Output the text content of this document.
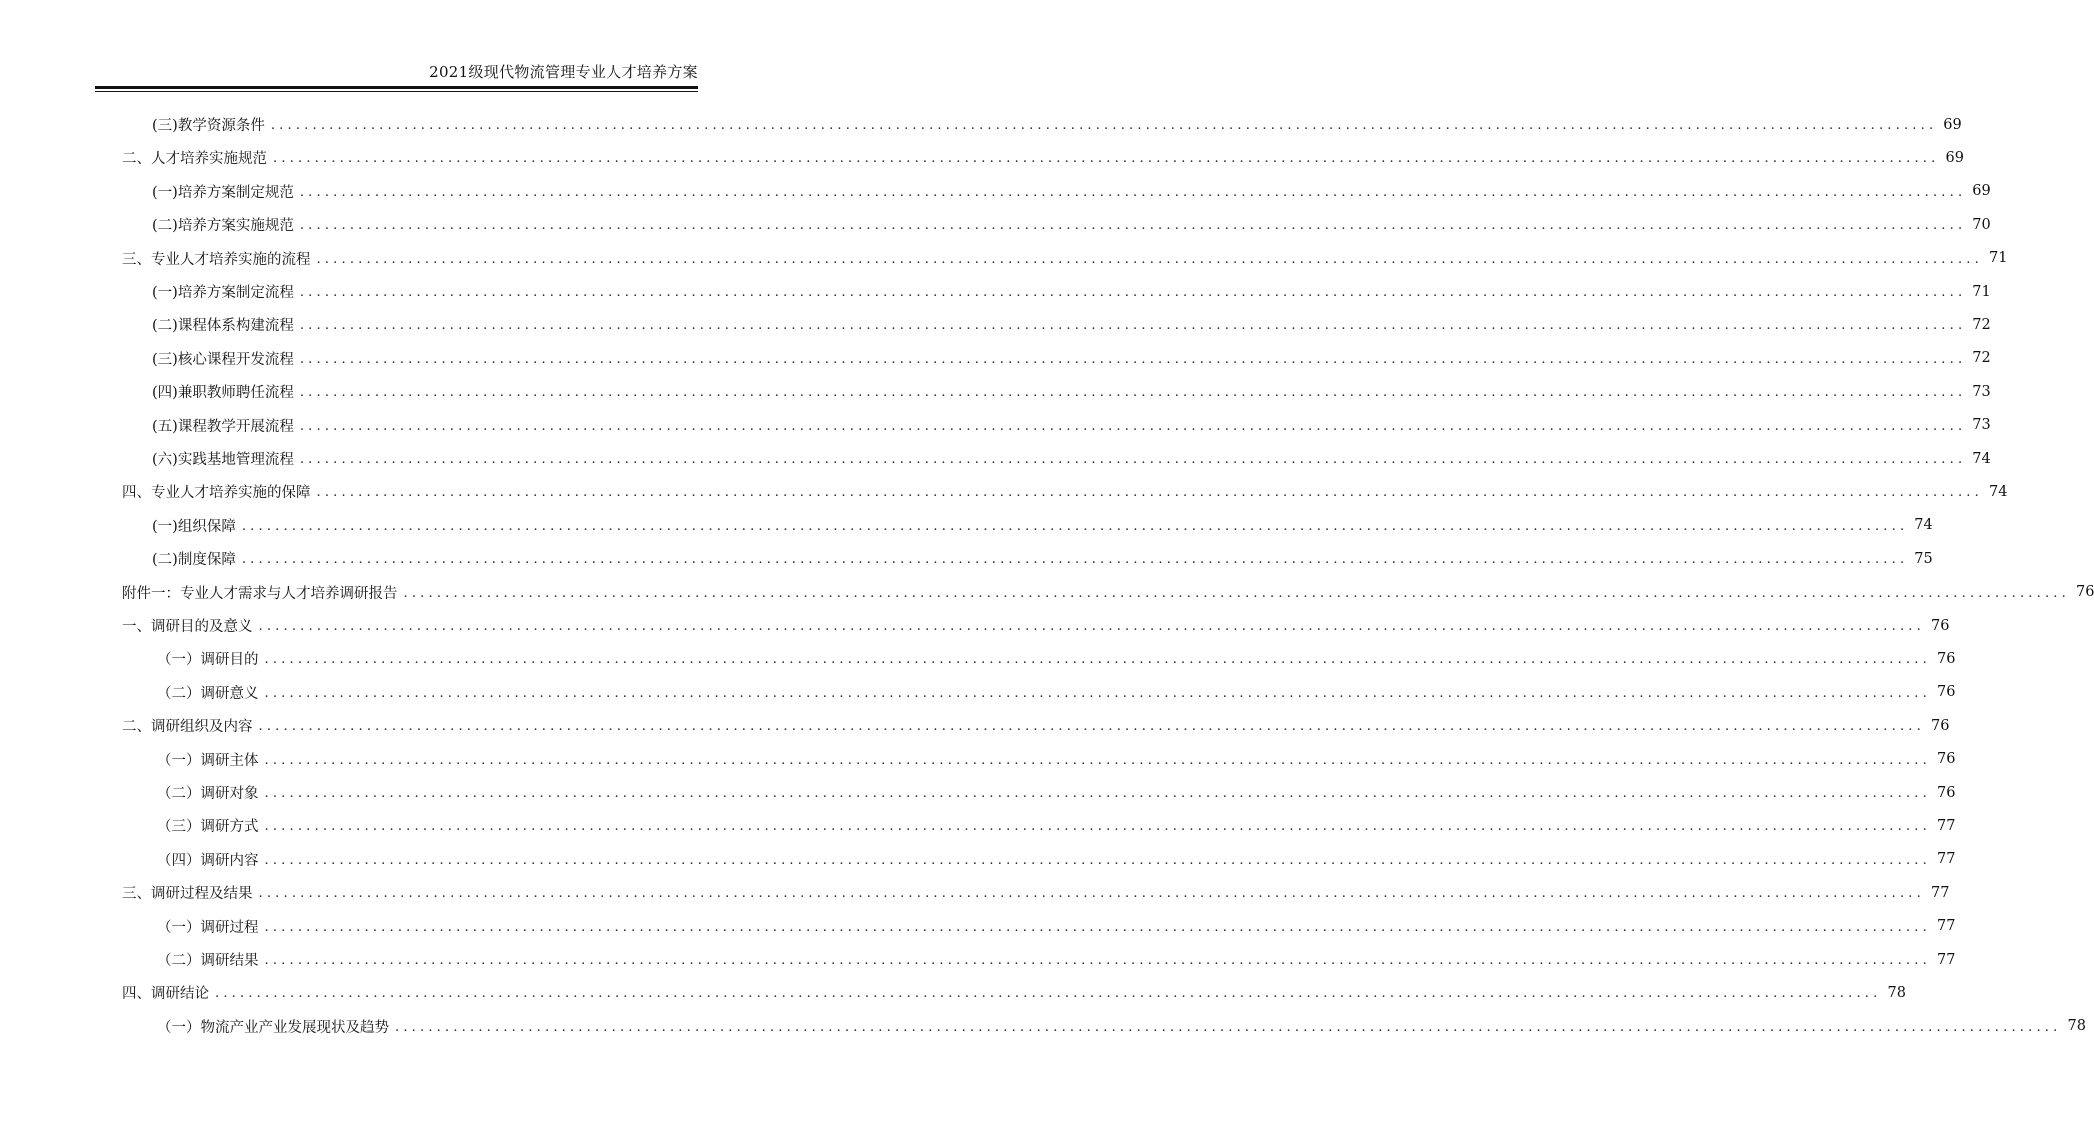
2021级现代物流管理专业人才培养方案
(三)教学资源条件 ........................................................................................................................................................................................................ 69
二、人才培养实施规范 ........................................................................................................................................................................................................ 69
(一)培养方案制定规范 ........................................................................................................................................................................................................ 69
(二)培养方案实施规范 ........................................................................................................................................................................................................ 70
三、专业人才培养实施的流程 ........................................................................................................................................................................................................ 71
(一)培养方案制定流程 ........................................................................................................................................................................................................ 71
(二)课程体系构建流程 ........................................................................................................................................................................................................ 72
(三)核心课程开发流程 ........................................................................................................................................................................................................ 72
(四)兼职教师聘任流程 ........................................................................................................................................................................................................ 73
(五)课程教学开展流程 ........................................................................................................................................................................................................ 73
(六)实践基地管理流程 ........................................................................................................................................................................................................ 74
四、专业人才培养实施的保障 ........................................................................................................................................................................................................ 74
(一)组织保障 ........................................................................................................................................................................................................ 74
(二)制度保障 ........................................................................................................................................................................................................ 75
附件一：专业人才需求与人才培养调研报告 ........................................................................................................................................................................................................ 76
一、调研目的及意义 ........................................................................................................................................................................................................ 76
（一）调研目的 ........................................................................................................................................................................................................ 76
（二）调研意义 ........................................................................................................................................................................................................ 76
二、调研组织及内容 ........................................................................................................................................................................................................ 76
（一）调研主体 ........................................................................................................................................................................................................ 76
（二）调研对象 ........................................................................................................................................................................................................ 76
（三）调研方式 ........................................................................................................................................................................................................ 77
（四）调研内容 ........................................................................................................................................................................................................ 77
三、调研过程及结果 ........................................................................................................................................................................................................ 77
（一）调研过程 ........................................................................................................................................................................................................ 77
（二）调研结果 ........................................................................................................................................................................................................ 77
四、调研结论 ........................................................................................................................................................................................................ 78
（一）物流产业产业发展现状及趋势 ........................................................................................................................................................................................................ 78
